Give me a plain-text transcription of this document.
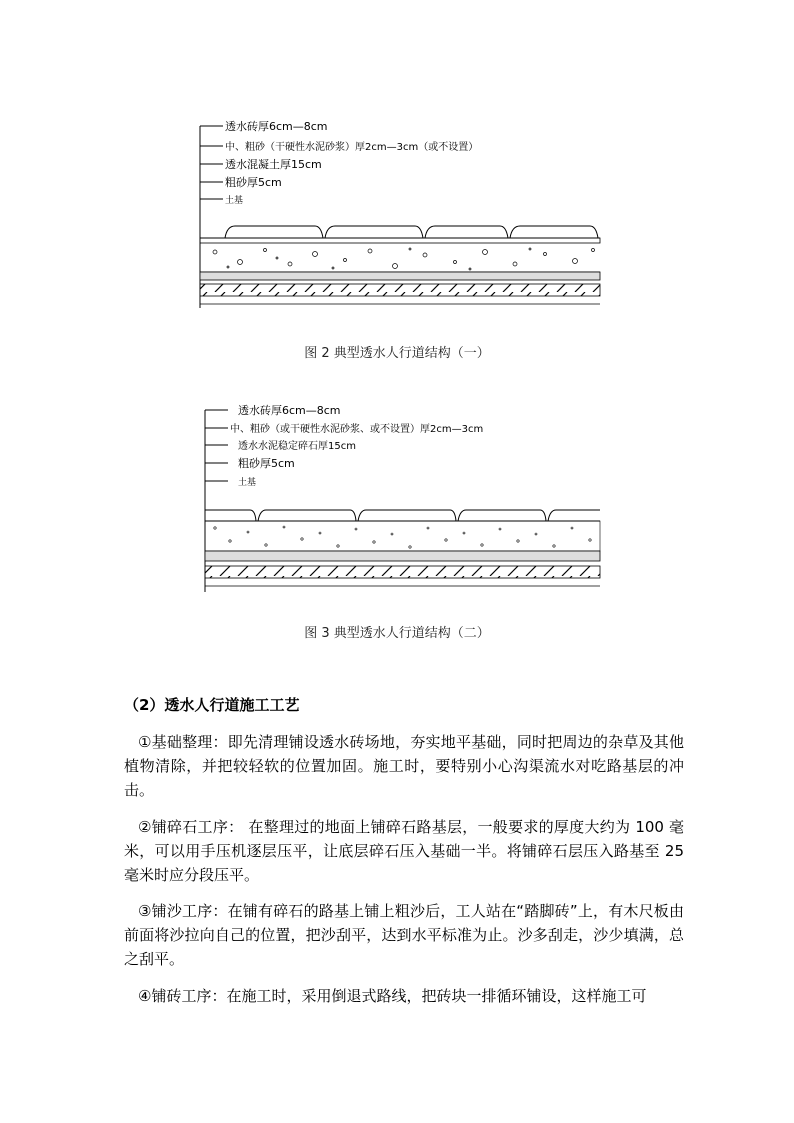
透水砖厚6cm—8cm
中、粗砂（干硬性水泥砂浆）厚2cm—3cm（或不设置）
透水混凝土厚15cm
粗砂厚5cm
土基
图 2 典型透水人行道结构（一）
透水砖厚6cm—8cm
中、粗砂（或干硬性水泥砂浆、或不设置）厚2cm—3cm
透水水泥稳定碎石厚15cm
粗砂厚5cm
土基
图 3 典型透水人行道结构（二）
（2）透水人行道施工工艺
①基础整理：即先清理铺设透水砖场地，夯实地平基础，同时把周边的杂草及其他植物清除，并把较轻软的位置加固。施工时，要特别小心沟渠流水对吃路基层的冲击。
②铺碎石工序： 在整理过的地面上铺碎石路基层，一般要求的厚度大约为 100 毫米，可以用手压机逐层压平，让底层碎石压入基础一半。将铺碎石层压入路基至 25 毫米时应分段压平。
③铺沙工序：在铺有碎石的路基上铺上粗沙后，工人站在“踏脚砖”上，有木尺板由前面将沙拉向自己的位置，把沙刮平，达到水平标准为止。沙多刮走，沙少填满，总之刮平。
④铺砖工序：在施工时，采用倒退式路线，把砖块一排循环铺设，这样施工可
